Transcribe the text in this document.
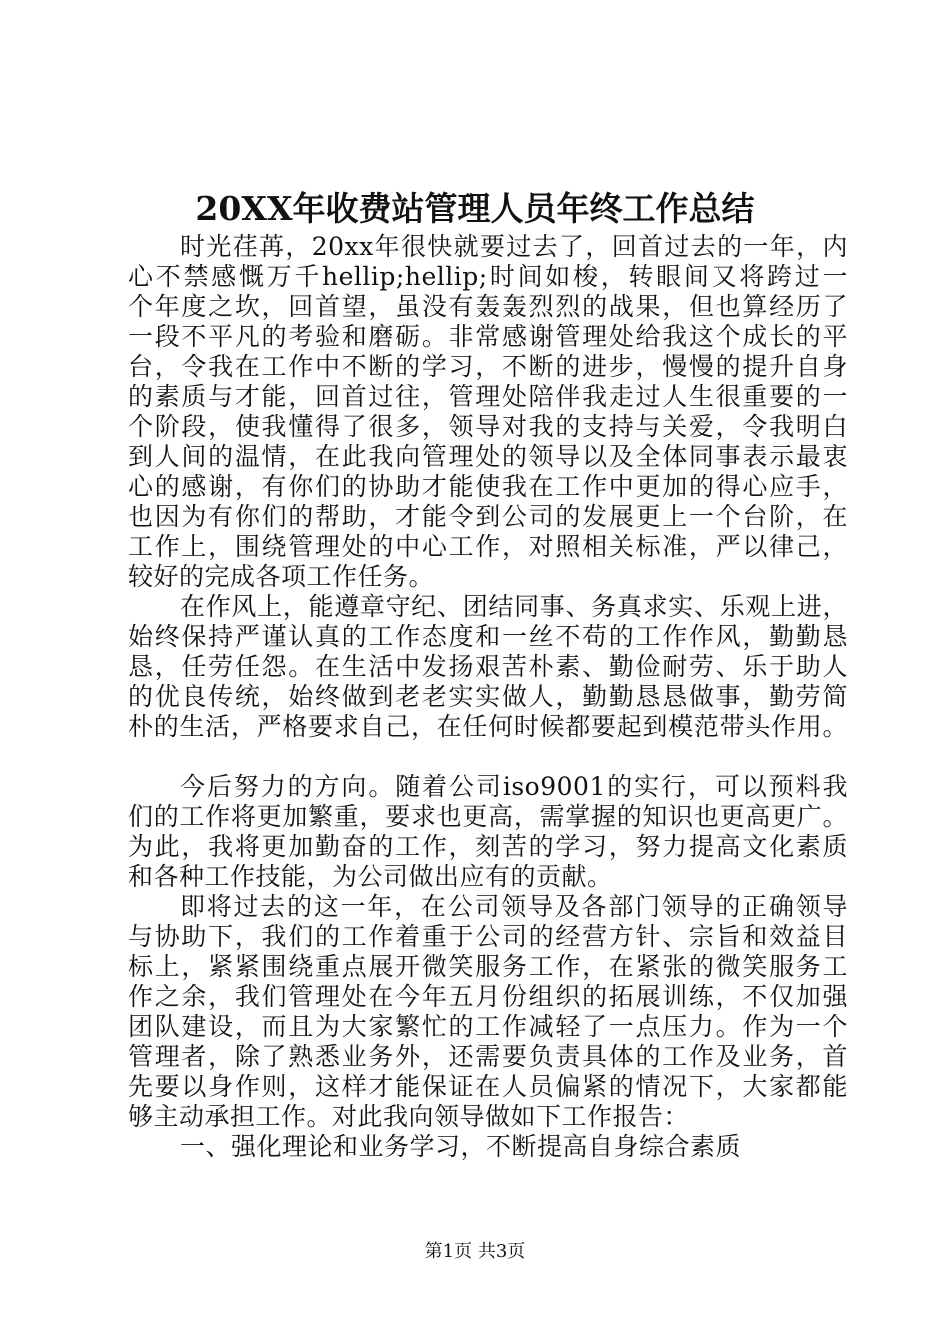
20XX年收费站管理人员年终工作总结
时光荏苒，20xx年很快就要过去了，回首过去的一年，内
心不禁感慨万千hellip;hellip;时间如梭，转眼间又将跨过一
个年度之坎，回首望，虽没有轰轰烈烈的战果，但也算经历了
一段不平凡的考验和磨砺。非常感谢管理处给我这个成长的平
台，令我在工作中不断的学习，不断的进步，慢慢的提升自身
的素质与才能，回首过往，管理处陪伴我走过人生很重要的一
个阶段，使我懂得了很多，领导对我的支持与关爱，令我明白
到人间的温情，在此我向管理处的领导以及全体同事表示最衷
心的感谢，有你们的协助才能使我在工作中更加的得心应手，
也因为有你们的帮助，才能令到公司的发展更上一个台阶，在
工作上，围绕管理处的中心工作，对照相关标准，严以律己，
较好的完成各项工作任务。
在作风上，能遵章守纪、团结同事、务真求实、乐观上进，
始终保持严谨认真的工作态度和一丝不苟的工作作风，勤勤恳
恳，任劳任怨。在生活中发扬艰苦朴素、勤俭耐劳、乐于助人
的优良传统，始终做到老老实实做人，勤勤恳恳做事，勤劳简
朴的生活，严格要求自己，在任何时候都要起到模范带头作用。
今后努力的方向。随着公司iso9001的实行，可以预料我
们的工作将更加繁重，要求也更高，需掌握的知识也更高更广。
为此，我将更加勤奋的工作，刻苦的学习，努力提高文化素质
和各种工作技能，为公司做出应有的贡献。
即将过去的这一年，在公司领导及各部门领导的正确领导
与协助下，我们的工作着重于公司的经营方针、宗旨和效益目
标上，紧紧围绕重点展开微笑服务工作，在紧张的微笑服务工
作之余，我们管理处在今年五月份组织的拓展训练，不仅加强
团队建设，而且为大家繁忙的工作减轻了一点压力。作为一个
管理者，除了熟悉业务外，还需要负责具体的工作及业务，首
先要以身作则，这样才能保证在人员偏紧的情况下，大家都能
够主动承担工作。对此我向领导做如下工作报告：
一、强化理论和业务学习，不断提高自身综合素质
第1页 共3页
